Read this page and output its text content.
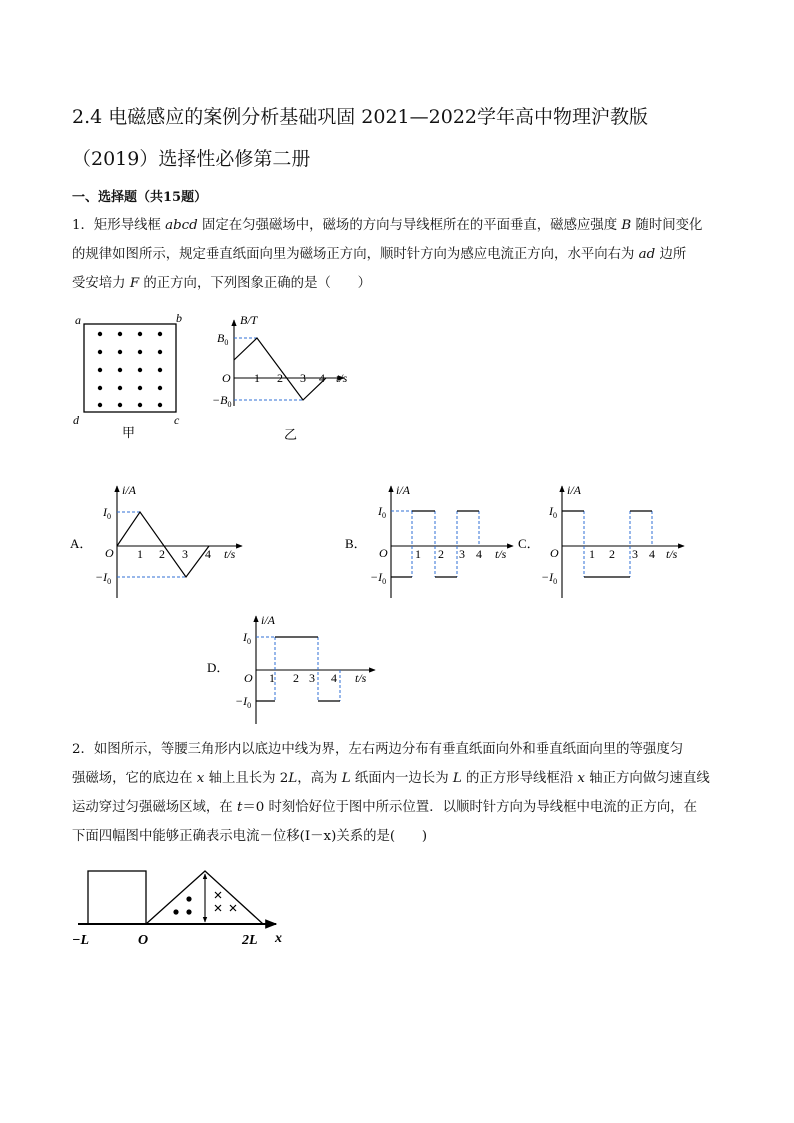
2.4 电磁感应的案例分析基础巩固 2021—2022学年高中物理沪教版
（2019）选择性必修第二册
一、选择题（共15题）
1．矩形导线框 abcd 固定在匀强磁场中，磁场的方向与导线框所在的平面垂直，磁感应强度 B 随时间变化
的规律如图所示，规定垂直纸面向里为磁场正方向，顺时针方向为感应电流正方向，水平向右为 ad 边所
受安培力 F 的正方向，下列图象正确的是（　　）
a	b
d	c
甲
B/T
$B_0$
$-B_0$
O 1 2 3 4 t/s
乙
A．
i/A
$I_0$
$-I_0$
O 1 2 3 4 t/s
B．
i/A
$I_0$
$-I_0$
O 1 2 3 4 t/s
C．
i/A
$I_0$
$-I_0$
O	1 2 3 4 t/s
D．
i/A
$I_0$
$-I_0$
O 1 2 3 4 t/s
2．如图所示，等腰三角形内以底边中线为界，左右两边分布有垂直纸面向外和垂直纸面向里的等强度匀
强磁场，它的底边在 x 轴上且长为 2L，高为 L 纸面内一边长为 L 的正方形导线框沿 x 轴正方向做匀速直线
运动穿过匀强磁场区域，在 t＝0 时刻恰好位于图中所示位置．以顺时针方向为导线框中电流的正方向，在
下面四幅图中能够正确表示电流－位移(I－x)关系的是(　　)
−L	O	2L x
